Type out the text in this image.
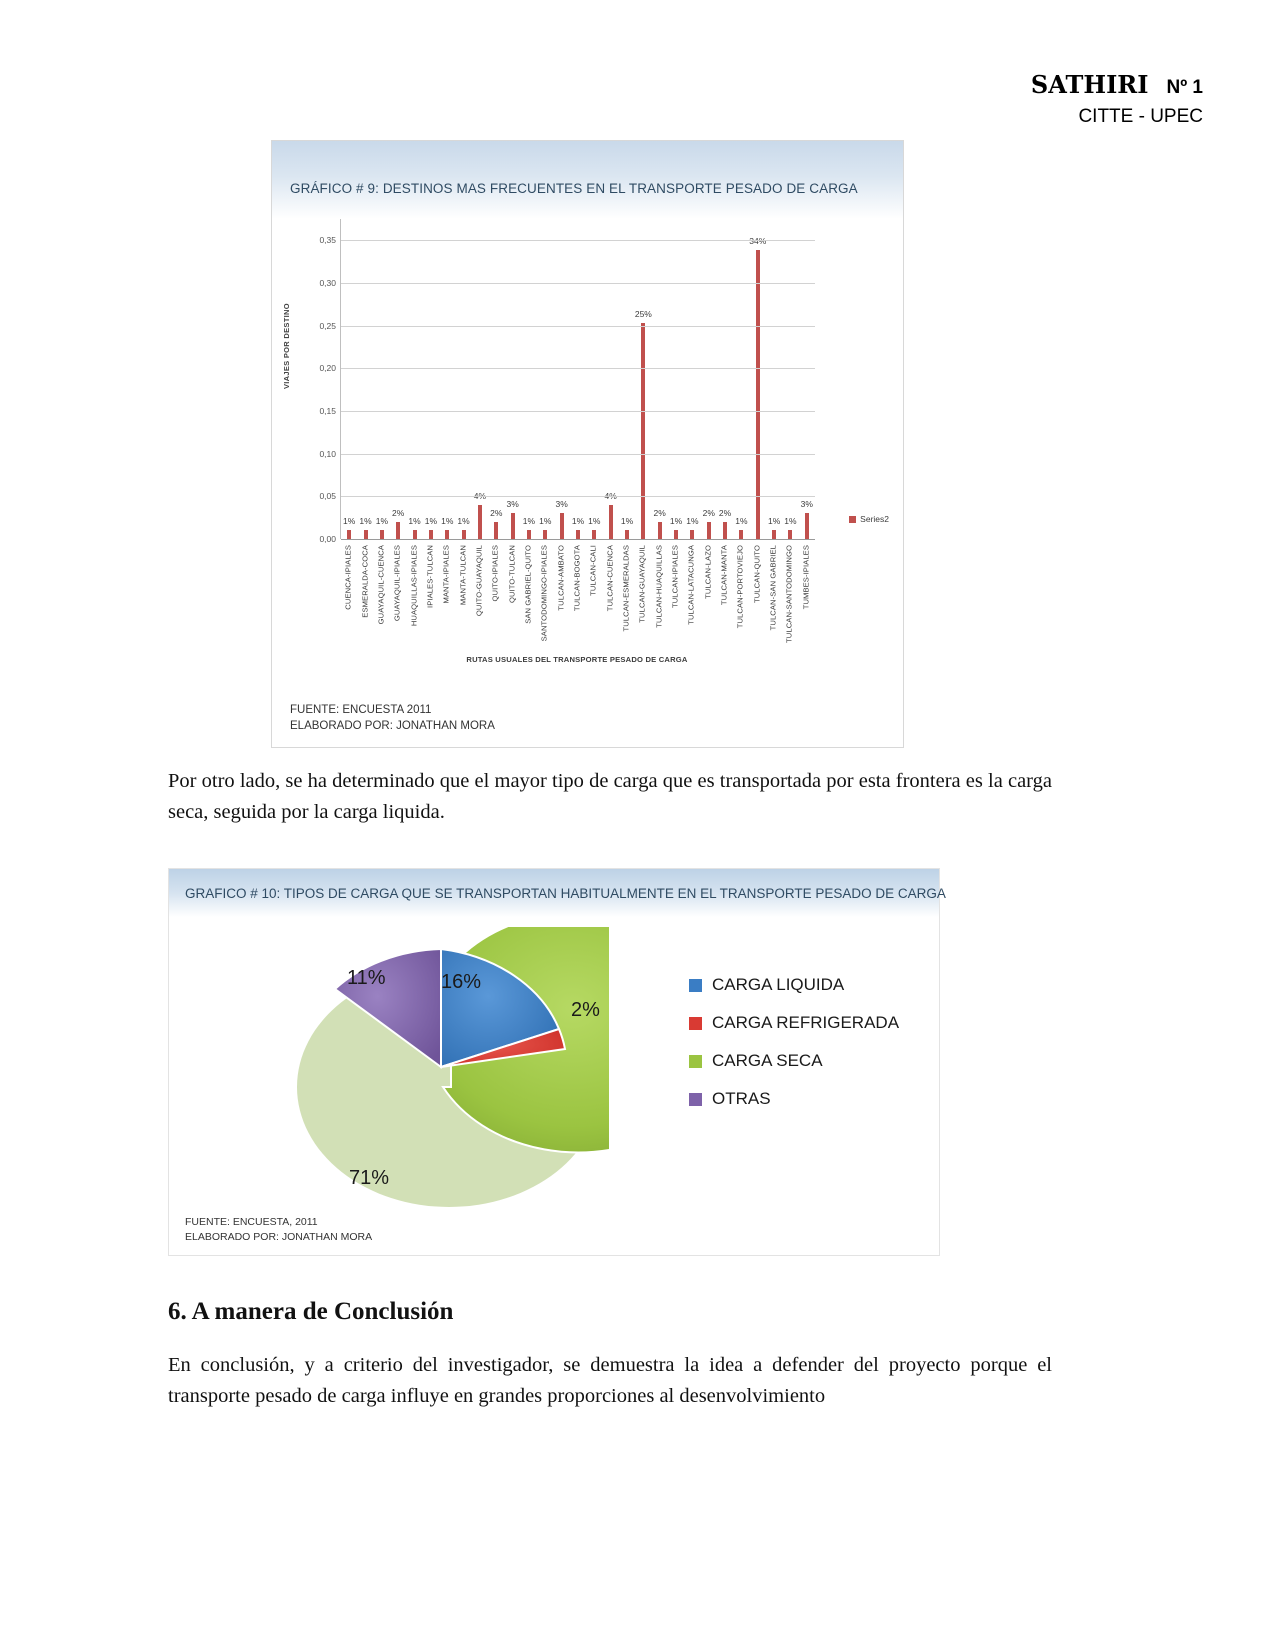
SATHIRI Nº 1
CITTE - UPEC
GRÁFICO # 9: DESTINOS MAS FRECUENTES EN EL TRANSPORTE PESADO DE CARGA
VIAJES POR DESTINO
0,00
0,05
0,10
0,15
0,20
0,25
0,30
0,35
1% 1% 1%
2%
1% 1% 1% 1%
4%
2%
3%
1% 1%
3%
1% 1%
4%
1%
25%
2%
1% 1%
2% 2%
1%
34%
1% 1%
3%
CUENCA-IPIALES ESMERALDA-COCA GUAYAQUIL-CUENCA GUAYAQUIL-IPIALES HUAQUILLAS-IPIALES IPIALES-TULCAN MANTA-IPIALES MANTA-TULCAN QUITO-GUAYAQUIL QUITO-IPIALES QUITO-TULCAN SAN GABRIEL-QUITO SANTODOMINGO-IPIALES TULCAN-AMBATO TULCAN-BOGOTA TULCAN-CALI TULCAN-CUENCA TULCAN-ESMERALDAS TULCAN-GUAYAQUIL TULCAN-HUAQUILLAS TULCAN-IPIALES TULCAN-LATACUNGA TULCAN-LAZO TULCAN-MANTA TULCAN-PORTOVIEJO TULCAN-QUITO TULCAN-SAN GABRIEL TULCAN-SANTODOMINGO TUMBES-IPIALES
RUTAS USUALES DEL TRANSPORTE PESADO DE CARGA
Series2
FUENTE: ENCUESTA 2011
ELABORADO POR: JONATHAN MORA
Por otro lado, se ha determinado que el mayor tipo de carga que es transportada por esta frontera es la carga seca, seguida por la carga liquida.
GRAFICO # 10: TIPOS DE CARGA QUE SE TRANSPORTAN HABITUALMENTE EN EL TRANSPORTE PESADO DE CARGA
11%	16%
2%
71%
CARGA LIQUIDA
CARGA REFRIGERADA
CARGA SECA
OTRAS
FUENTE: ENCUESTA, 2011
ELABORADO POR: JONATHAN MORA
6. A manera de Conclusión
En conclusión, y a criterio del investigador, se demuestra la idea a defender del proyecto porque el transporte pesado de carga influye en grandes proporciones al desenvolvimiento
